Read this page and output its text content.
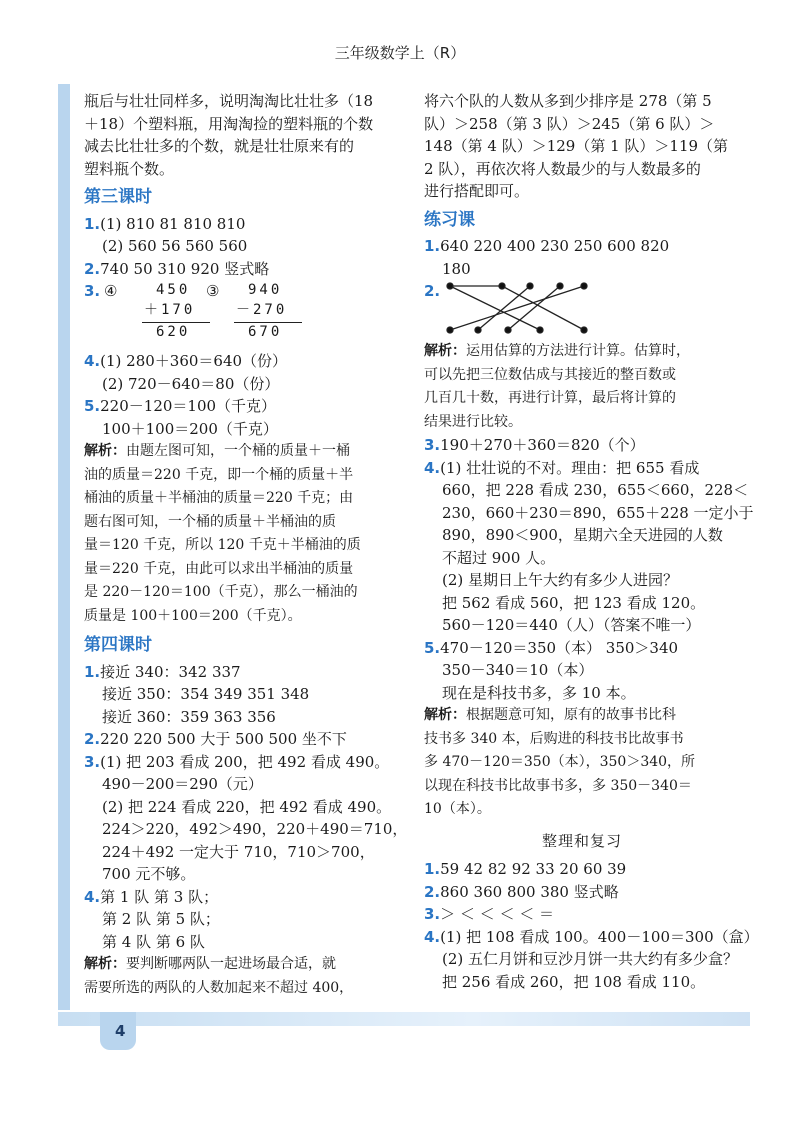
三年级数学上（R）
瓶后与壮壮同样多，说明淘淘比壮壮多（18
＋18）个塑料瓶，用淘淘捡的塑料瓶的个数
减去比壮壮多的个数，就是壮壮原来有的
塑料瓶个数。
第三课时
1.(1) 810 81 810 810
(2) 560 56 560 560
2.740 50 310 920 竖式略
3. ④	450
＋170
620
③	940
－270
670
4.(1) 280＋360＝640（份）
(2) 720－640＝80（份）
5.220－120＝100（千克）
100＋100＝200（千克）
解析：由题左图可知，一个桶的质量＋一桶
油的质量＝220 千克，即一个桶的质量＋半
桶油的质量＋半桶油的质量＝220 千克；由
题右图可知，一个桶的质量＋半桶油的质
量＝120 千克，所以 120 千克＋半桶油的质
量＝220 千克，由此可以求出半桶油的质量
是 220－120＝100（千克），那么一桶油的
质量是 100＋100＝200（千克）。
第四课时
1.接近 340：342 337
接近 350：354 349 351 348
接近 360：359 363 356
2.220 220 500 大于 500 500 坐不下
3.(1) 把 203 看成 200，把 492 看成 490。
490－200＝290（元）
(2) 把 224 看成 220，把 492 看成 490。
224＞220，492＞490，220＋490＝710，
224＋492 一定大于 710，710＞700，
700 元不够。
4.第 1 队 第 3 队；
第 2 队 第 5 队；
第 4 队 第 6 队
解析：要判断哪两队一起进场最合适，就
需要所选的两队的人数加起来不超过 400，
将六个队的人数从多到少排序是 278（第 5
队）＞258（第 3 队）＞245（第 6 队）＞
148（第 4 队）＞129（第 1 队）＞119（第
2 队），再依次将人数最少的与人数最多的
进行搭配即可。
练习课
1.640 220 400 230 250 600 820
180
2.
解析：运用估算的方法进行计算。估算时，
可以先把三位数估成与其接近的整百数或
几百几十数，再进行计算，最后将计算的
结果进行比较。
3.190＋270＋360＝820（个）
4.(1) 壮壮说的不对。理由：把 655 看成
660，把 228 看成 230，655＜660，228＜
230，660＋230＝890，655＋228 一定小于
890，890＜900，星期六全天进园的人数
不超过 900 人。
(2) 星期日上午大约有多少人进园？
把 562 看成 560，把 123 看成 120。
560－120＝440（人）（答案不唯一）
5.470－120＝350（本） 350＞340
350－340＝10（本）
现在是科技书多，多 10 本。
解析：根据题意可知，原有的故事书比科
技书多 340 本，后购进的科技书比故事书
多 470－120＝350（本），350＞340，所
以现在科技书比故事书多，多 350－340＝
10（本）。
整理和复习
1.59 42 82 92 33 20 60 39
2.860 360 800 380 竖式略
3.＞ ＜ ＜ ＜ ＜ ＝
4.(1) 把 108 看成 100。400－100＝300（盒）
(2) 五仁月饼和豆沙月饼一共大约有多少盒？
把 256 看成 260，把 108 看成 110。
4
